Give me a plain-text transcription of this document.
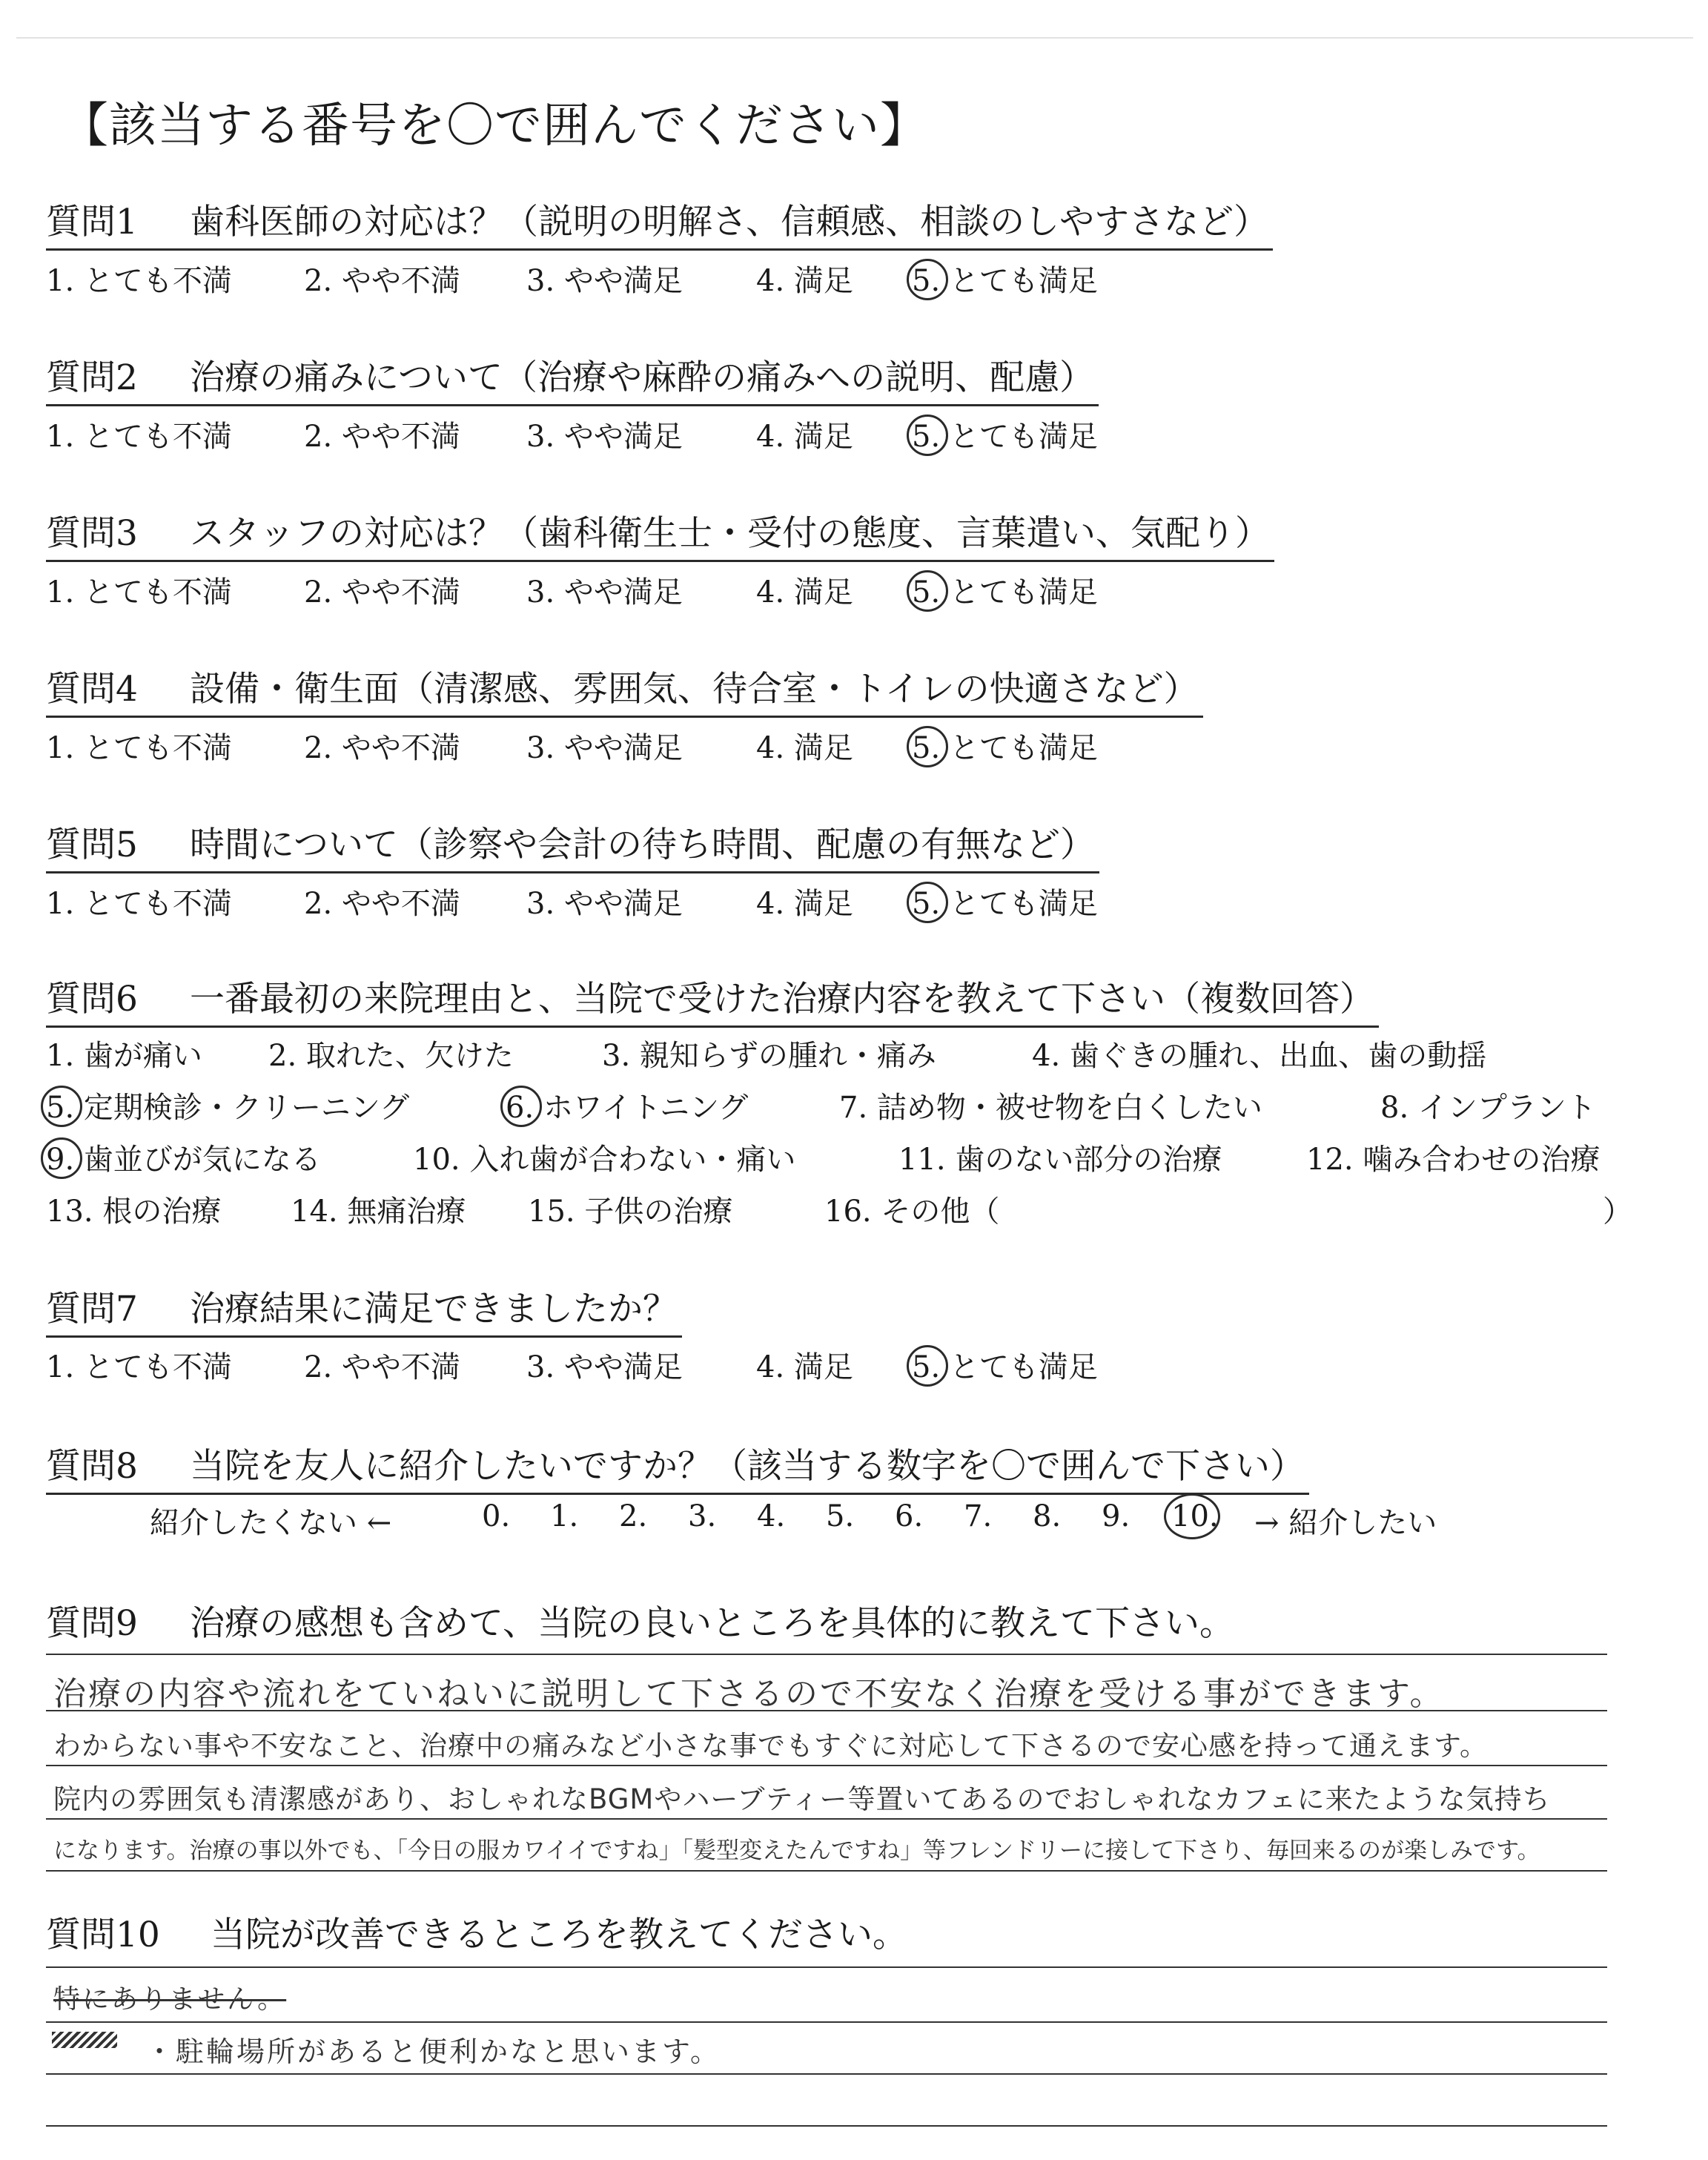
【該当する番号を〇で囲んでください】
質問1 歯科医師の対応は？（説明の明解さ、信頼感、相談のしやすさなど）
1. とても不満 2. やや不満 3. やや満足 4. 満足 5. とても満足
質問2 治療の痛みについて（治療や麻酔の痛みへの説明、配慮）
1. とても不満 2. やや不満 3. やや満足 4. 満足 5. とても満足
質問3 スタッフの対応は？（歯科衛生士・受付の態度、言葉遣い、気配り）
1. とても不満 2. やや不満 3. やや満足 4. 満足 5. とても満足
質問4 設備・衛生面（清潔感、雰囲気、待合室・トイレの快適さなど）
1. とても不満 2. やや不満 3. やや満足 4. 満足 5. とても満足
質問5 時間について（診察や会計の待ち時間、配慮の有無など）
1. とても不満 2. やや不満 3. やや満足 4. 満足 5. とても満足
質問6 一番最初の来院理由と、当院で受けた治療内容を教えて下さい（複数回答）
1. 歯が痛い 2. 取れた、欠けた	3. 親知らずの腫れ・痛み	4. 歯ぐきの腫れ、出血、歯の動揺
5. 定期検診・クリーニング	6. ホワイトニング	7. 詰め物・被せ物を白くしたい	8. インプラント
9. 歯並びが気になる	10. 入れ歯が合わない・痛い	11. 歯のない部分の治療	12. 噛み合わせの治療
13. 根の治療 14. 無痛治療 15. 子供の治療	16. その他（	）
質問7 治療結果に満足できましたか？
1. とても不満 2. やや不満 3. やや満足 4. 満足 5. とても満足
質問8 当院を友人に紹介したいですか？（該当する数字を〇で囲んで下さい）
紹介したくない ←	0. 1. 2. 3. 4. 5. 6. 7. 8. 9. 10. → 紹介したい
質問9 治療の感想も含めて、当院の良いところを具体的に教えて下さい。
治療の内容や流れをていねいに説明して下さるので不安なく治療を受ける事ができます。
わからない事や不安なこと、治療中の痛みなど小さな事でもすぐに対応して下さるので安心感を持って通えます。
院内の雰囲気も清潔感があり、おしゃれなBGMやハーブティー等置いてあるのでおしゃれなカフェに来たような気持ち
になります。治療の事以外でも、「今日の服カワイイですね」「髪型変えたんですね」等フレンドリーに接して下さり、毎回来るのが楽しみです。
質問10 当院が改善できるところを教えてください。
特にありません。
・駐輪場所があると便利かなと思います。
